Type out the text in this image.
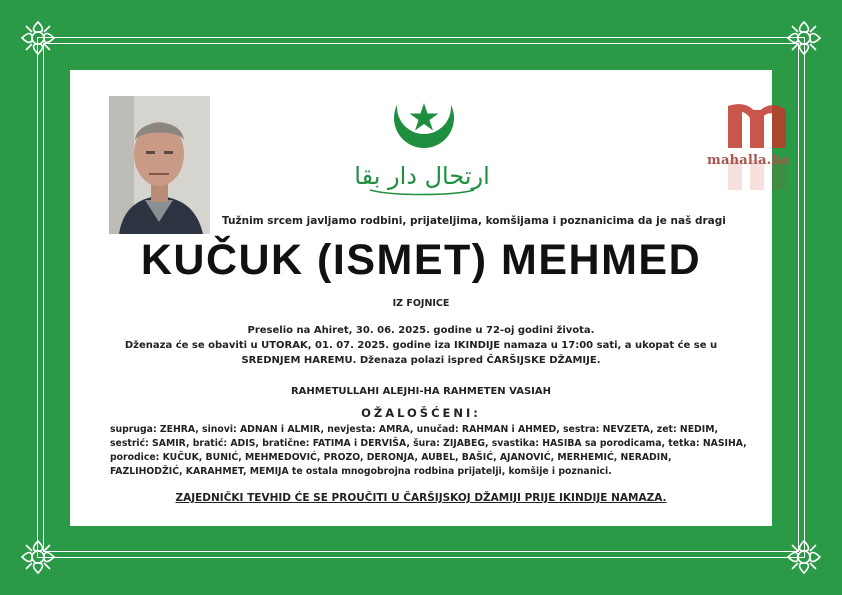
ارتحال دار بقا
mahalla.ba
Tužnim srcem javljamo rodbini, prijateljima, komšijama i poznanicima da je naš dragi
KUČUK (ISMET) MEHMED
IZ FOJNICE
Preselio na Ahiret, 30. 06. 2025. godine u 72-oj godini života.
Dženaza će se obaviti u UTORAK, 01. 07. 2025. godine iza IKINDIJE namaza u 17:00 sati, a ukopat će se u
SREDNJEM HAREMU. Dženaza polazi ispred ČARŠIJSKE DŽAMIJE.
RAHMETULLAHI ALEJHI-HA RAHMETEN VASIAH
OŽALOŠĆENI:
supruga: ZEHRA, sinovi: ADNAN i ALMIR, nevjesta: AMRA, unučad: RAHMAN i AHMED, sestra: NEVZETA, zet: NEDIM,
sestrić: SAMIR, bratić: ADIS, bratične: FATIMA i DERVIŠA, šura: ZIJABEG, svastika: HASIBA sa porodicama, tetka: NASIHA,
porodice: KUČUK, BUNIĆ, MEHMEDOVIĆ, PROZO, DERONJA, AUBEL, BAŠIĆ, AJANOVIĆ, MERHEMIĆ, NERADIN,
FAZLIHODŽIĆ, KARAHMET, MEMIJA te ostala mnogobrojna rodbina prijatelji, komšije i poznanici.
ZAJEDNIČKI TEVHID ĆE SE PROUČITI U ČARŠIJSKOJ DŽAMIJI PRIJE IKINDIJE NAMAZA.
